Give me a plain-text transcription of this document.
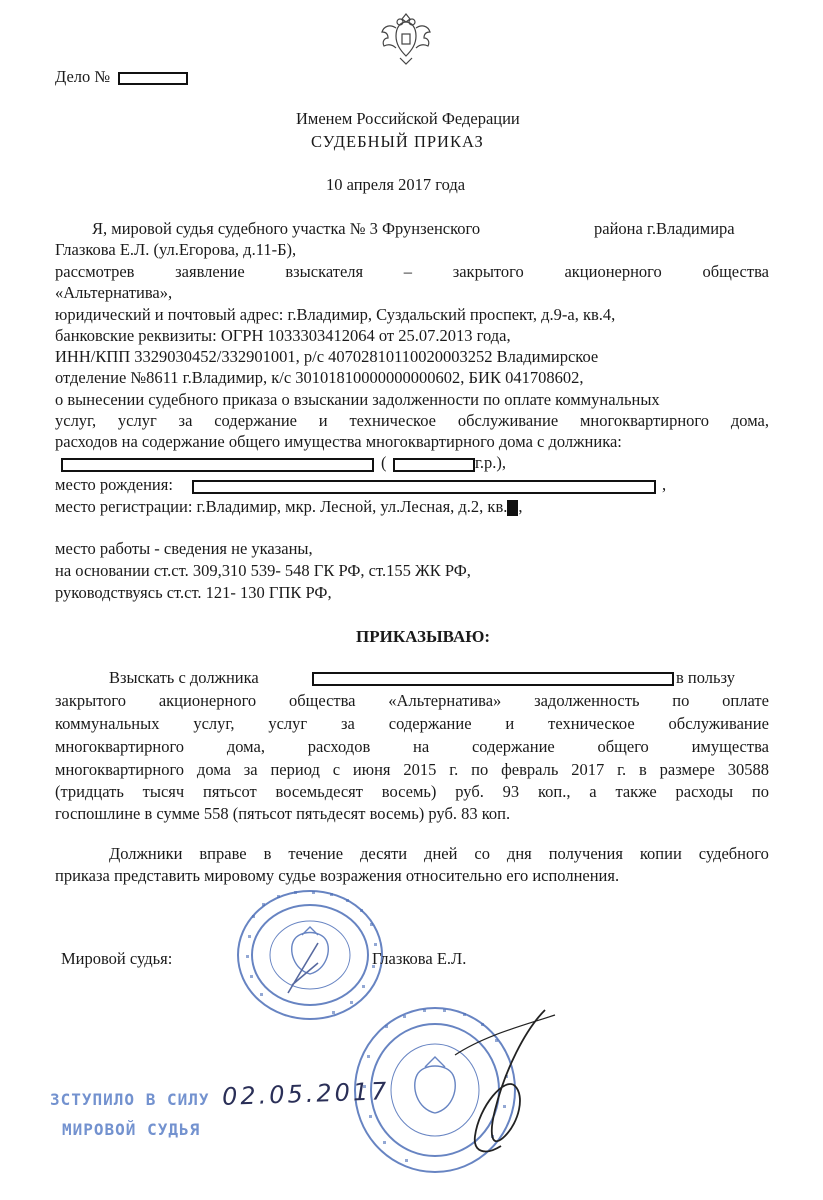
Дело №
Именем Российской Федерации
СУДЕБНЫЙ ПРИКАЗ
10 апреля 2017 года
Я, мировой судья судебного участка № 3 Фрунзенского	района г.Владимира
Глазкова Е.Л. (ул.Егорова, д.11-Б),
рассмотрев заявление взыскателя – закрытого акционерного общества
«Альтернатива»,
юридический и почтовый адрес: г.Владимир, Суздальский проспект, д.9-а, кв.4,
банковские реквизиты: ОГРН 1033303412064 от 25.07.2013 года,
ИНН/КПП 3329030452/332901001, р/с 40702810110020003252 Владимирское
отделение №8611 г.Владимир, к/с 30101810000000000602, БИК 041708602,
о вынесении судебного приказа о взыскании задолженности по оплате коммунальных
услуг, услуг за содержание и техническое обслуживание многоквартирного дома,
расходов на содержание общего имущества многоквартирного дома с должника:
(	г.р.),
место рождения:	,
место регистрации: г.Владимир, мкр. Лесной, ул.Лесная, д.2, кв. ,
место работы - сведения не указаны,
на основании ст.ст. 309,310 539- 548 ГК РФ, ст.155 ЖК РФ,
руководствуясь ст.ст. 121- 130 ГПК РФ,
ПРИКАЗЫВАЮ:
Взыскать с должника	в пользу
закрытого акционерного общества «Альтернатива» задолженность по оплате
коммунальных услуг, услуг за содержание и техническое обслуживание
многоквартирного	дома,	расходов	на	содержание	общего	имущества
многоквартирного дома за период с июня 2015 г. по февраль 2017 г. в размере 30588
(тридцать тысяч пятьсот восемьдесят восемь) руб. 93 коп., а также расходы по
госпошлине в сумме 558 (пятьсот пятьдесят восемь) руб. 83 коп.
Должники вправе в течение десяти дней со дня получения копии судебного
приказа представить мировому судье возражения относительно его исполнения.
Мировой судья:	Глазкова Е.Л.
ЗСТУПИЛО В СИЛУ
МИРОВОЙ СУДЬЯ
02.05.2017
